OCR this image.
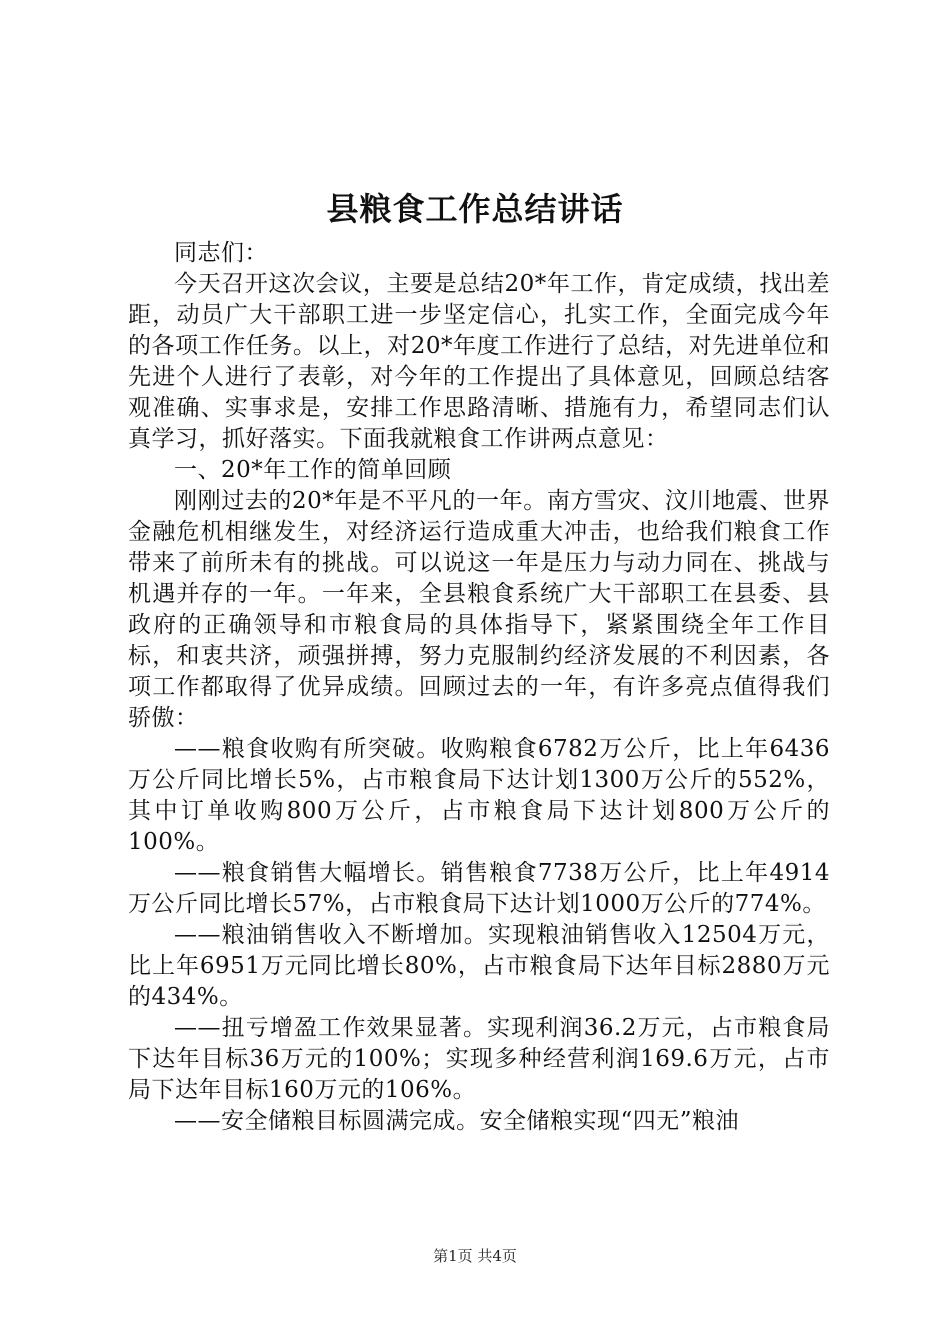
县粮食工作总结讲话

同志们：

今天召开这次会议，主要是总结20*年工作，肯定成绩，找出差距，动员广大干部职工进一步坚定信心，扎实工作，全面完成今年的各项工作任务。以上，对20*年度工作进行了总结，对先进单位和先进个人进行了表彰，对今年的工作提出了具体意见，回顾总结客观准确、实事求是，安排工作思路清晰、措施有力，希望同志们认真学习，抓好落实。下面我就粮食工作讲两点意见：

一、20*年工作的简单回顾

刚刚过去的20*年是不平凡的一年。南方雪灾、汶川地震、世界金融危机相继发生，对经济运行造成重大冲击，也给我们粮食工作带来了前所未有的挑战。可以说这一年是压力与动力同在、挑战与机遇并存的一年。一年来，全县粮食系统广大干部职工在县委、县政府的正确领导和市粮食局的具体指导下，紧紧围绕全年工作目标，和衷共济，顽强拼搏，努力克服制约经济发展的不利因素，各项工作都取得了优异成绩。回顾过去的一年，有许多亮点值得我们骄傲：

——粮食收购有所突破。收购粮食6782万公斤，比上年6436万公斤同比增长5%，占市粮食局下达计划1300万公斤的552%，其中订单收购800万公斤，占市粮食局下达计划800万公斤的100%。

——粮食销售大幅增长。销售粮食7738万公斤，比上年4914万公斤同比增长57%，占市粮食局下达计划1000万公斤的774%。

——粮油销售收入不断增加。实现粮油销售收入12504万元，比上年6951万元同比增长80%，占市粮食局下达年目标2880万元的434%。

——扭亏增盈工作效果显著。实现利润36.2万元，占市粮食局下达年目标36万元的100%；实现多种经营利润169.6万元，占市局下达年目标160万元的106%。

——安全储粮目标圆满完成。安全储粮实现“四无”粮油

第1页 共4页
